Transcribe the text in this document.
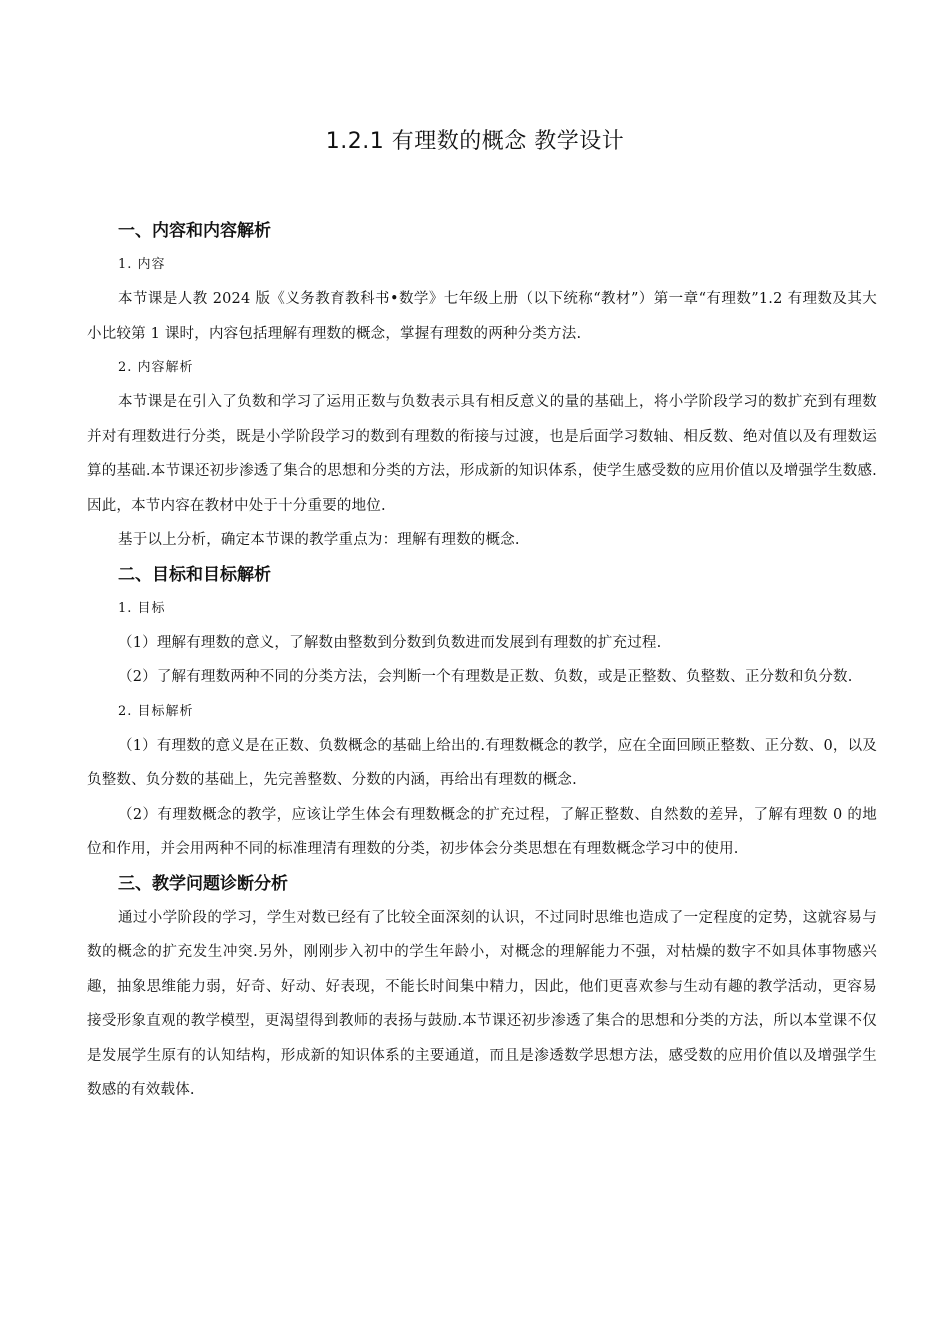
1.2.1 有理数的概念 教学设计
一、内容和内容解析
1. 内容

本节课是人教 2024 版《义务教育教科书•数学》七年级上册（以下统称“教材”）第一章“有理数”1.2 有理数及其大小比较第 1 课时，内容包括理解有理数的概念，掌握有理数的两种分类方法.

2. 内容解析

本节课是在引入了负数和学习了运用正数与负数表示具有相反意义的量的基础上，将小学阶段学习的数扩充到有理数并对有理数进行分类，既是小学阶段学习的数到有理数的衔接与过渡，也是后面学习数轴、相反数、绝对值以及有理数运算的基础.本节课还初步渗透了集合的思想和分类的方法，形成新的知识体系，使学生感受数的应用价值以及增强学生数感.因此，本节内容在教材中处于十分重要的地位.

基于以上分析，确定本节课的教学重点为：理解有理数的概念.

二、目标和目标解析
1. 目标

（1）理解有理数的意义，了解数由整数到分数到负数进而发展到有理数的扩充过程.

（2）了解有理数两种不同的分类方法，会判断一个有理数是正数、负数，或是正整数、负整数、正分数和负分数.

2. 目标解析

（1）有理数的意义是在正数、负数概念的基础上给出的.有理数概念的教学，应在全面回顾正整数、正分数、0，以及负整数、负分数的基础上，先完善整数、分数的内涵，再给出有理数的概念.

（2）有理数概念的教学，应该让学生体会有理数概念的扩充过程，了解正整数、自然数的差异，了解有理数 0 的地位和作用，并会用两种不同的标准理清有理数的分类，初步体会分类思想在有理数概念学习中的使用.

三、教学问题诊断分析

通过小学阶段的学习，学生对数已经有了比较全面深刻的认识，不过同时思维也造成了一定程度的定势，这就容易与数的概念的扩充发生冲突.另外，刚刚步入初中的学生年龄小，对概念的理解能力不强，对枯燥的数字不如具体事物感兴趣，抽象思维能力弱，好奇、好动、好表现，不能长时间集中精力，因此，他们更喜欢参与生动有趣的教学活动，更容易接受形象直观的教学模型，更渴望得到教师的表扬与鼓励.本节课还初步渗透了集合的思想和分类的方法，所以本堂课不仅是发展学生原有的认知结构，形成新的知识体系的主要通道，而且是渗透数学思想方法，感受数的应用价值以及增强学生数感的有效载体.
